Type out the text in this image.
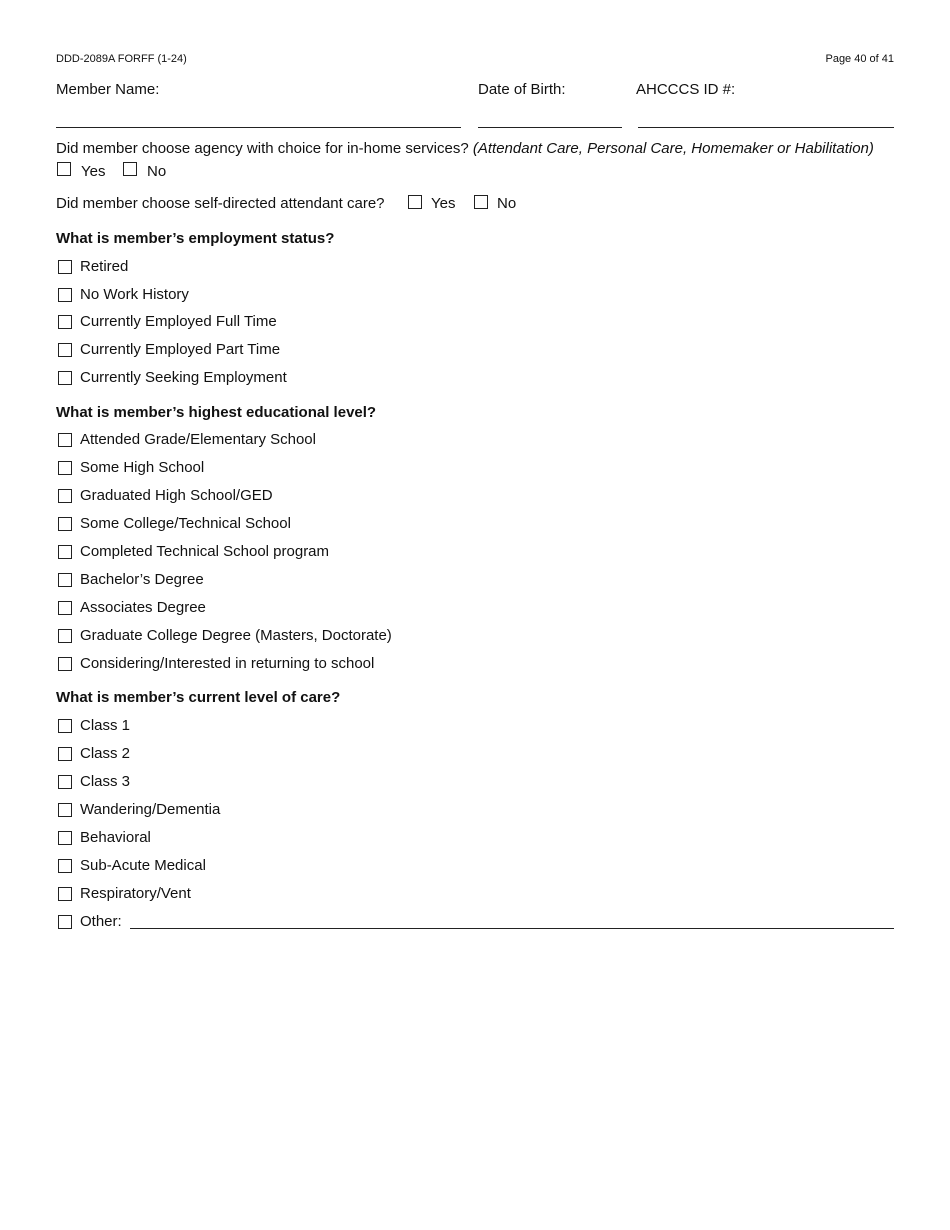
DDD-2089A FORFF (1-24)	Page 40 of 41
Member Name:	Date of Birth:	AHCCCS ID #:
Did member choose agency with choice for in-home services? (Attendant Care, Personal Care, Homemaker or Habilitation)
Yes	No
Did member choose self-directed attendant care?	Yes	No
What is member’s employment status?
Retired
No Work History
Currently Employed Full Time
Currently Employed Part Time
Currently Seeking Employment
What is member’s highest educational level?
Attended Grade/Elementary School
Some High School
Graduated High School/GED
Some College/Technical School
Completed Technical School program
Bachelor’s Degree
Associates Degree
Graduate College Degree (Masters, Doctorate)
Considering/Interested in returning to school
What is member’s current level of care?
Class 1
Class 2
Class 3
Wandering/Dementia
Behavioral
Sub-Acute Medical
Respiratory/Vent
Other:
